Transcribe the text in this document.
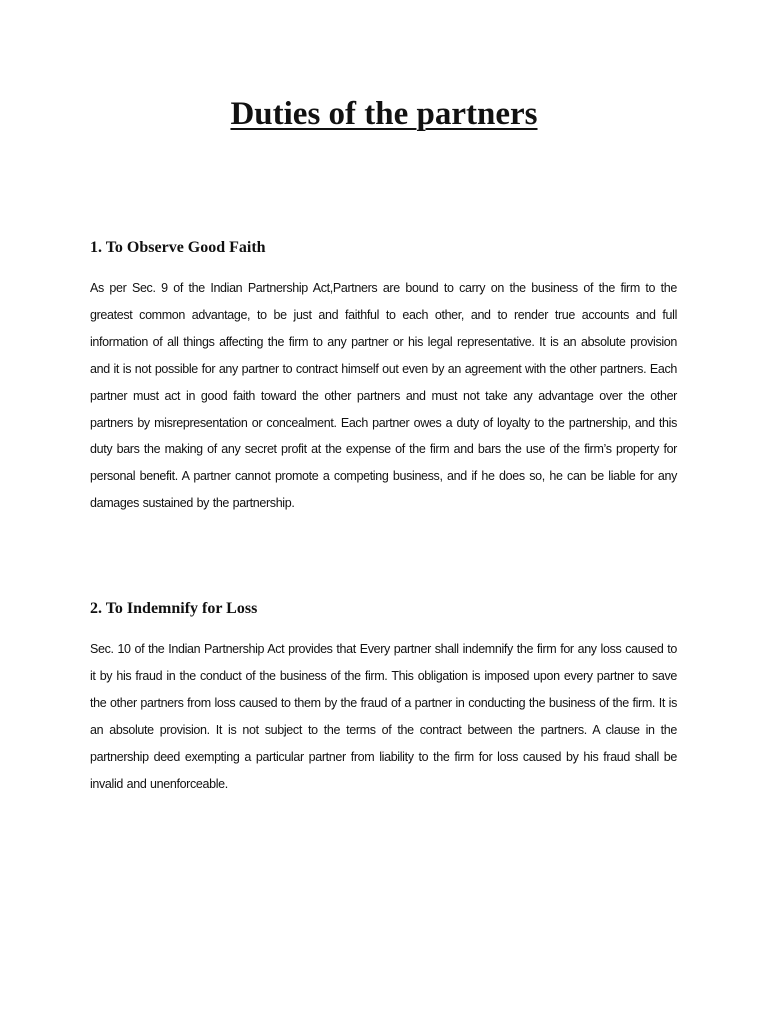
Duties of the partners
1. To Observe Good Faith

As per Sec. 9 of the Indian Partnership Act,Partners are bound to carry on the business of the firm to the greatest common advantage, to be just and faithful to each other, and to render true accounts and full information of all things affecting the firm to any partner or his legal representative. It is an absolute provision and it is not possible for any partner to contract himself out even by an agreement with the other partners. Each partner must act in good faith toward the other partners and must not take any advantage over the other partners by misrepresentation or concealment. Each partner owes a duty of loyalty to the partnership, and this duty bars the making of any secret profit at the expense of the firm and bars the use of the firm’s property for personal benefit. A partner cannot promote a competing business, and if he does so, he can be liable for any damages sustained by the partnership.

2. To Indemnify for Loss

Sec. 10 of the Indian Partnership Act provides that Every partner shall indemnify the firm for any loss caused to it by his fraud in the conduct of the business of the firm. This obligation is imposed upon every partner to save the other partners from loss caused to them by the fraud of a partner in conducting the business of the firm. It is an absolute provision. It is not subject to the terms of the contract between the partners. A clause in the partnership deed exempting a particular partner from liability to the firm for loss caused by his fraud shall be invalid and unenforceable.
